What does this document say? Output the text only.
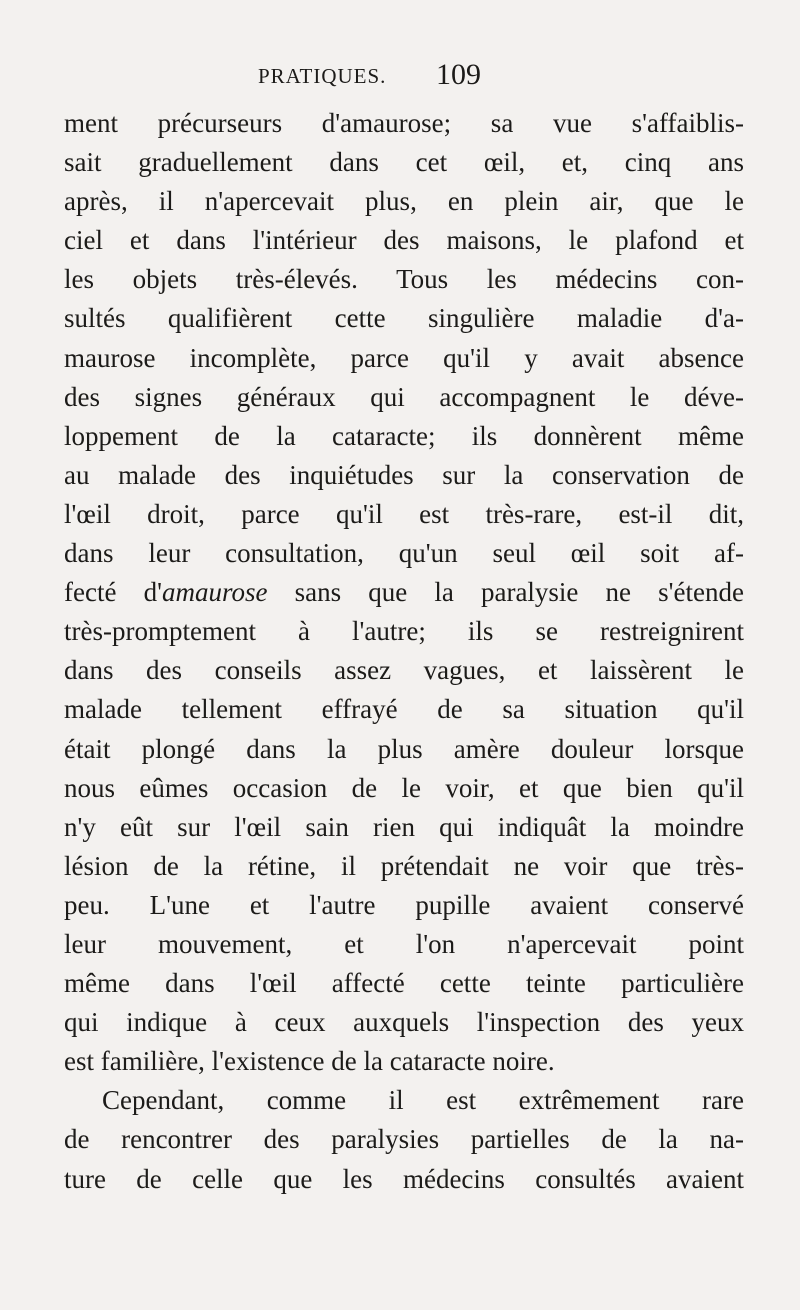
PRATIQUES. 109
ment précurseurs d'amaurose; sa vue s'affaiblis-
sait graduellement dans cet œil, et, cinq ans
après, il n'apercevait plus, en plein air, que le
ciel et dans l'intérieur des maisons, le plafond et
les objets très-élevés. Tous les médecins con-
sultés qualifièrent cette singulière maladie d'a-
maurose incomplète, parce qu'il y avait absence
des signes généraux qui accompagnent le déve-
loppement de la cataracte; ils donnèrent même
au malade des inquiétudes sur la conservation de
l'œil droit, parce qu'il est très-rare, est-il dit,
dans leur consultation, qu'un seul œil soit af-
fecté d'amaurose sans que la paralysie ne s'étende
très-promptement à l'autre; ils se restreignirent
dans des conseils assez vagues, et laissèrent le
malade tellement effrayé de sa situation qu'il
était plongé dans la plus amère douleur lorsque
nous eûmes occasion de le voir, et que bien qu'il
n'y eût sur l'œil sain rien qui indiquât la moindre
lésion de la rétine, il prétendait ne voir que très-
peu. L'une et l'autre pupille avaient conservé
leur mouvement, et l'on n'apercevait point
même dans l'œil affecté cette teinte particulière
qui indique à ceux auxquels l'inspection des yeux
est familière, l'existence de la cataracte noire.
Cependant, comme il est extrêmement rare
de rencontrer des paralysies partielles de la na-
ture de celle que les médecins consultés avaient
